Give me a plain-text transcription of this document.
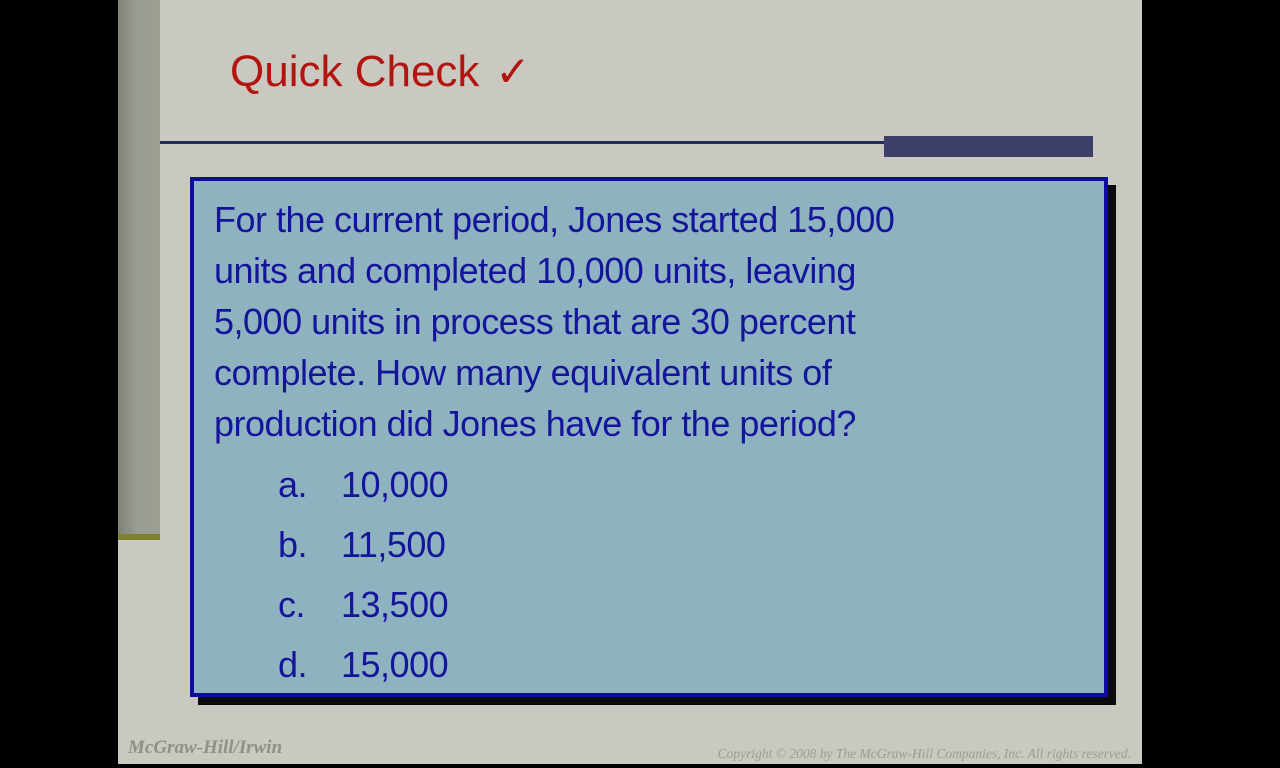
Quick Check ✓
For the current period, Jones started 15,000
units and completed 10,000 units, leaving
5,000 units in process that are 30 percent
complete. How many equivalent units of
production did Jones have for the period?
a. 10,000
b. 11,500
c. 13,500
d. 15,000
McGraw-Hill/Irwin	Copyright © 2008 by The McGraw-Hill Companies, Inc. All rights reserved.
